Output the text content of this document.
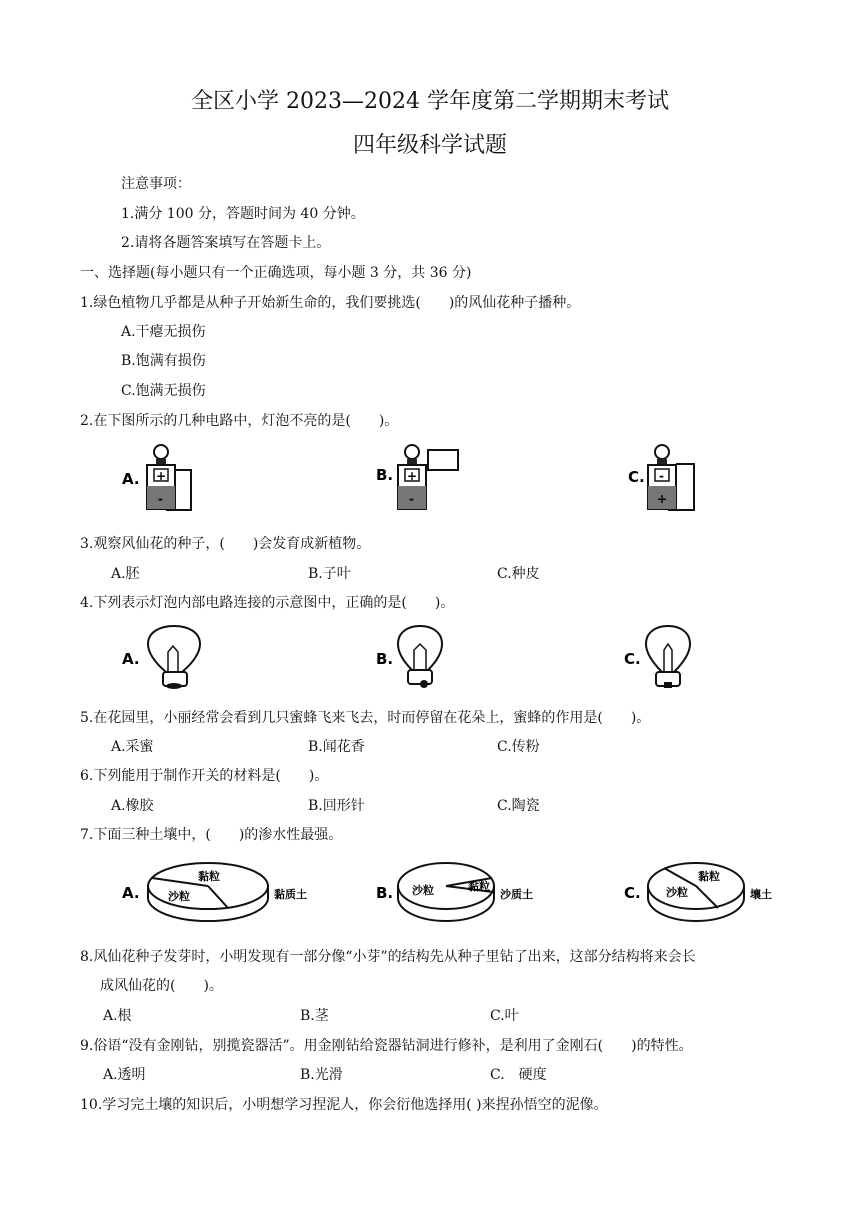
全区小学 2023—2024 学年度第二学期期末考试
四年级科学试题
注意事项：
1.满分 100 分，答题时间为 40 分钟。
2.请将各题答案填写在答题卡上。
一、选择题(每小题只有一个正确选项，每小题 3 分，共 36 分)
1.绿色植物几乎都是从种子开始新生命的，我们要挑选(　　)的风仙花种子播种。
A.干瘪无损伤
B.饱满有损伤
C.饱满无损伤
2.在下图所示的几种电路中，灯泡不亮的是(　　)。
A. +
-
B. +
-
C. -
+
3.观察风仙花的种子，(　　)会发育成新植物。
A.胚	B.子叶	C.种皮
4.下列表示灯泡内部电路连接的示意图中，正确的是(　　)。
A.	B.	C.
5.在花园里，小丽经常会看到几只蜜蜂飞来飞去，时而停留在花朵上，蜜蜂的作用是(　　)。
A.采蜜	B.闻花香	C.传粉
6.下列能用于制作开关的材料是(　　)。
A.橡胶	B.回形针	C.陶瓷
7.下面三种土壤中，(　　)的渗水性最强。
A.
黏粒
沙粒	黏质土	B.	黏粒
沙粒	沙质土	C.
黏粒
沙粒	壤土
8.风仙花种子发芽时，小明发现有一部分像“小芽”的结构先从种子里钻了出来，这部分结构将来会长
成风仙花的(　　)。
A.根	B.茎	C.叶
9.俗语“没有金刚钻，别揽瓷器活”。用金刚钻给瓷器钻洞进行修补，是利用了金刚石(　　)的特性。
A.透明	B.光滑	C.　硬度
10.学习完土壤的知识后，小明想学习捏泥人，你会衍他选择用( )来捏孙悟空的泥像。
